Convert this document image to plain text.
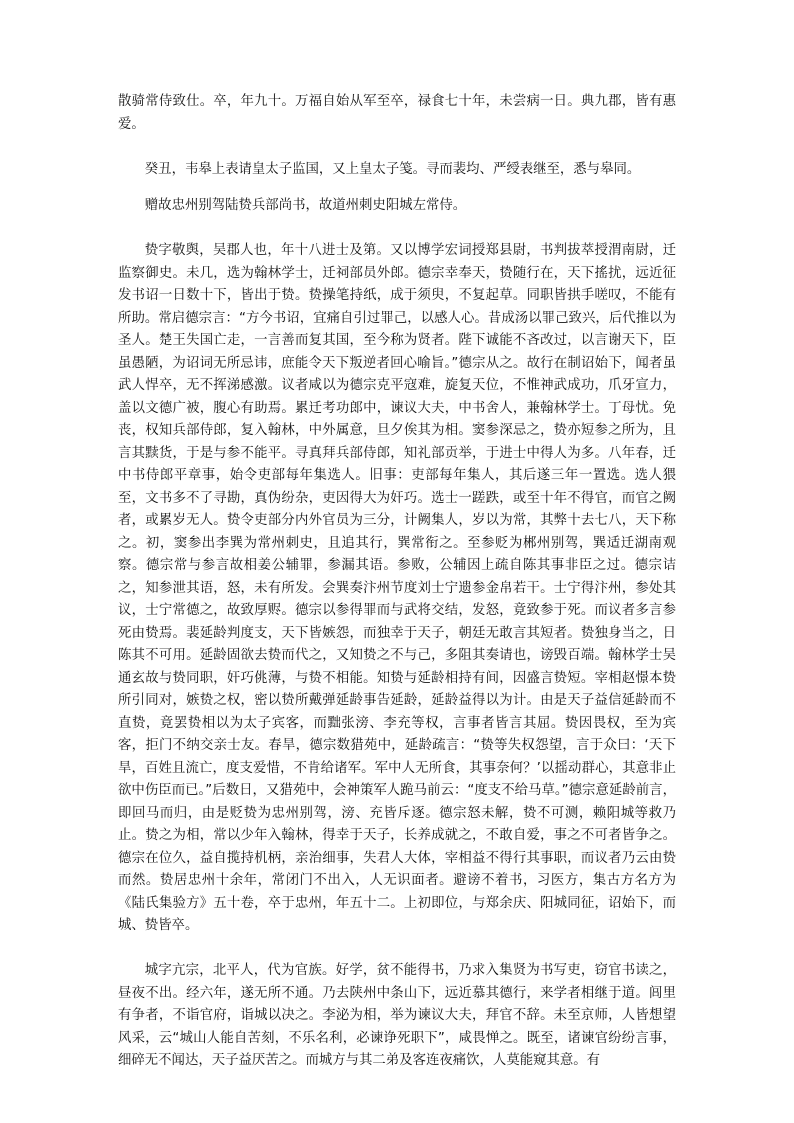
散骑常侍致仕。卒，年九十。万福自始从军至卒，禄食七十年，未尝病一日。典九郡，皆有惠爱。

癸丑，韦皋上表请皇太子监国，又上皇太子笺。寻而裴均、严绶表继至，悉与皋同。

赠故忠州别驾陆贽兵部尚书，故道州刺史阳城左常侍。

贽字敬舆，吴郡人也，年十八进士及第。又以博学宏词授郑县尉，书判拔萃授渭南尉，迁监察御史。未几，选为翰林学士，迁祠部员外郎。德宗幸奉天，贽随行在，天下搖扰，远近征发书诏一日数十下，皆出于贽。贽操笔持纸，成于须臾，不复起草。同职皆拱手嗟叹，不能有所助。常启德宗言：“方今书诏，宜痛自引过罪己，以感人心。昔成汤以罪己致兴，后代推以为圣人。楚王失国亡走，一言善而复其国，至今称为贤者。陛下诚能不吝改过，以言谢天下，臣虽愚陋，为诏词无所忌讳，庶能令天下叛逆者回心喻旨。”德宗从之。故行在制诏始下，闻者虽武人悍卒，无不挥涕感激。议者咸以为德宗克平寇难，旋复天位，不惟神武成功，爪牙宣力，盖以文德广被，腹心有助焉。累迁考功郎中，谏议大夫，中书舍人，兼翰林学士。丁母忧。免丧，权知兵部侍郎，复入翰林，中外属意，旦夕俟其为相。窦参深忌之，贽亦短参之所为，且言其黩货，于是与参不能平。寻真拜兵部侍郎，知礼部贡举，于进士中得人为多。八年春，迁中书侍郎平章事，始令吏部每年集选人。旧事：吏部每年集人，其后遂三年一置选。选人猥至，文书多不了寻勘，真伪纷杂，吏因得大为奸巧。选士一蹉跌，或至十年不得官，而官之阙者，或累岁无人。贽令吏部分内外官员为三分，计阙集人，岁以为常，其弊十去七八，天下称之。初，窦参出李巽为常州刺史，且追其行，巽常衔之。至参贬为郴州别驾，巽适迁湖南观察。德宗常与参言故相姜公辅罪，参漏其语。参败，公辅因上疏自陈其事非臣之过。德宗诘之，知参泄其语，怒，未有所发。会巽奏汴州节度刘士宁遗参金帛若干。士宁得汴州，参处其议，士宁常德之，故致厚赆。德宗以参得罪而与武将交结，发怒，竟致参于死。而议者多言参死由贽焉。裴延龄判度支，天下皆嫉怨，而独幸于天子，朝廷无敢言其短者。贽独身当之，日陈其不可用。延龄固欲去贽而代之，又知贽之不与己，多阻其奏请也，谤毁百端。翰林学士吴通玄故与贽同职，奸巧佻薄，与贽不相能。知贽与延龄相持有间，因盛言贽短。宰相赵憬本贽所引同对，嫉贽之权，密以贽所戴弹延龄事告延龄，延龄益得以为计。由是天子益信延龄而不直贽，竟罢贽相以为太子宾客，而黜张滂、李充等权，言事者皆言其屈。贽因畏权，至为宾客，拒门不纳交亲士友。春旱，德宗数猎苑中，延龄疏言：“贽等失权怨望，言于众曰：‘天下旱，百姓且流亡，度支爱惜，不肯给诸军。军中人无所食，其事奈何？’以摇动群心，其意非止欲中伤臣而已。”后数日，又猎苑中，会神策军人跪马前云：“度支不给马草。”德宗意延龄前言，即回马而归，由是贬贽为忠州别驾，滂、充皆斥逐。德宗怒未解，贽不可测，赖阳城等救乃止。贽之为相，常以少年入翰林，得幸于天子，长养成就之，不敢自爱，事之不可者皆争之。德宗在位久，益自揽持机柄，亲治细事，失君人大体，宰相益不得行其事职，而议者乃云由贽而然。贽居忠州十余年，常闭门不出入，人无识面者。避谤不着书，习医方，集古方名方为《陆氏集验方》五十卷，卒于忠州，年五十二。上初即位，与郑余庆、阳城同征，诏始下，而城、贽皆卒。

城字亢宗，北平人，代为官族。好学，贫不能得书，乃求入集贤为书写吏，窃官书读之，昼夜不出。经六年，遂无所不通。乃去陕州中条山下，远近慕其德行，来学者相继于道。闾里有争者，不诣官府，诣城以决之。李泌为相，举为谏议大夫，拜官不辞。未至京师，人皆想望风采，云“城山人能自苦刻，不乐名利，必谏诤死职下”，咸畏惮之。既至，诸谏官纷纷言事，细碎无不闻达，天子益厌苦之。而城方与其二弟及客连夜痛饮，人莫能窥其意。有
